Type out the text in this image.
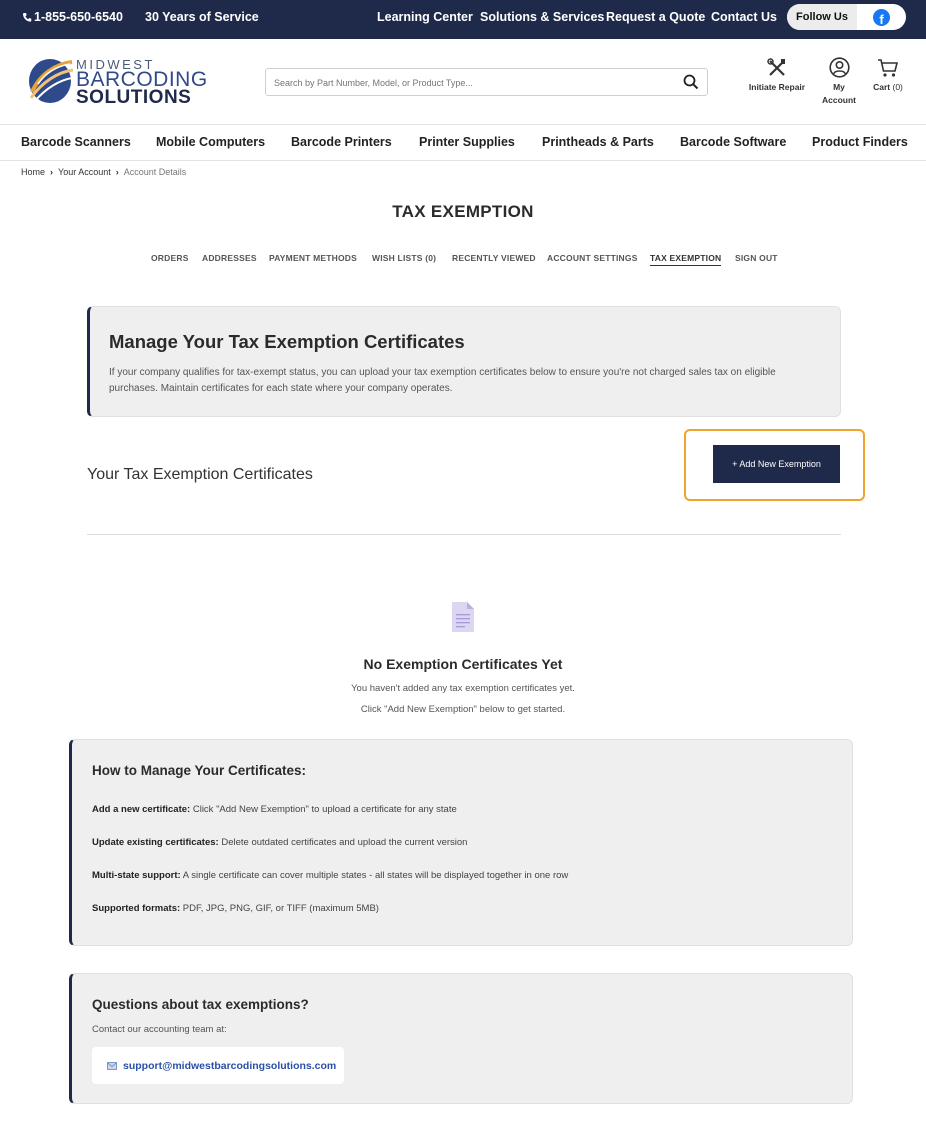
1-855-650-6540 30 Years of Service	Learning Center Solutions & Services Request a Quote Contact Us	Follow Us	f
MIDWEST
BARCODING
SOLUTIONS
Search by Part Number, Model, or Product Type...	Initiate Repair	My
Account
Cart (0)
Barcode Scanners Mobile Computers Barcode Printers Printer Supplies Printheads & Parts Barcode Software Product Finders
Home › Your Account › Account Details
TAX EXEMPTION
ORDERS ADDRESSES PAYMENT METHODS WISH LISTS (0) RECENTLY VIEWED ACCOUNT SETTINGS TAX EXEMPTION SIGN OUT
Manage Your Tax Exemption Certificates

If your company qualifies for tax-exempt status, you can upload your tax exemption certificates below to ensure you're not charged sales tax on eligible purchases. Maintain certificates for each state where your company operates.

Your Tax Exemption Certificates
+ Add New Exemption
No Exemption Certificates Yet
You haven't added any tax exemption certificates yet.
Click "Add New Exemption" below to get started.
How to Manage Your Certificates:
Add a new certificate: Click "Add New Exemption" to upload a certificate for any state
Update existing certificates: Delete outdated certificates and upload the current version
Multi-state support: A single certificate can cover multiple states - all states will be displayed together in one row
Supported formats: PDF, JPG, PNG, GIF, or TIFF (maximum 5MB)
Questions about tax exemptions?
Contact our accounting team at:
support@midwestbarcodingsolutions.com
